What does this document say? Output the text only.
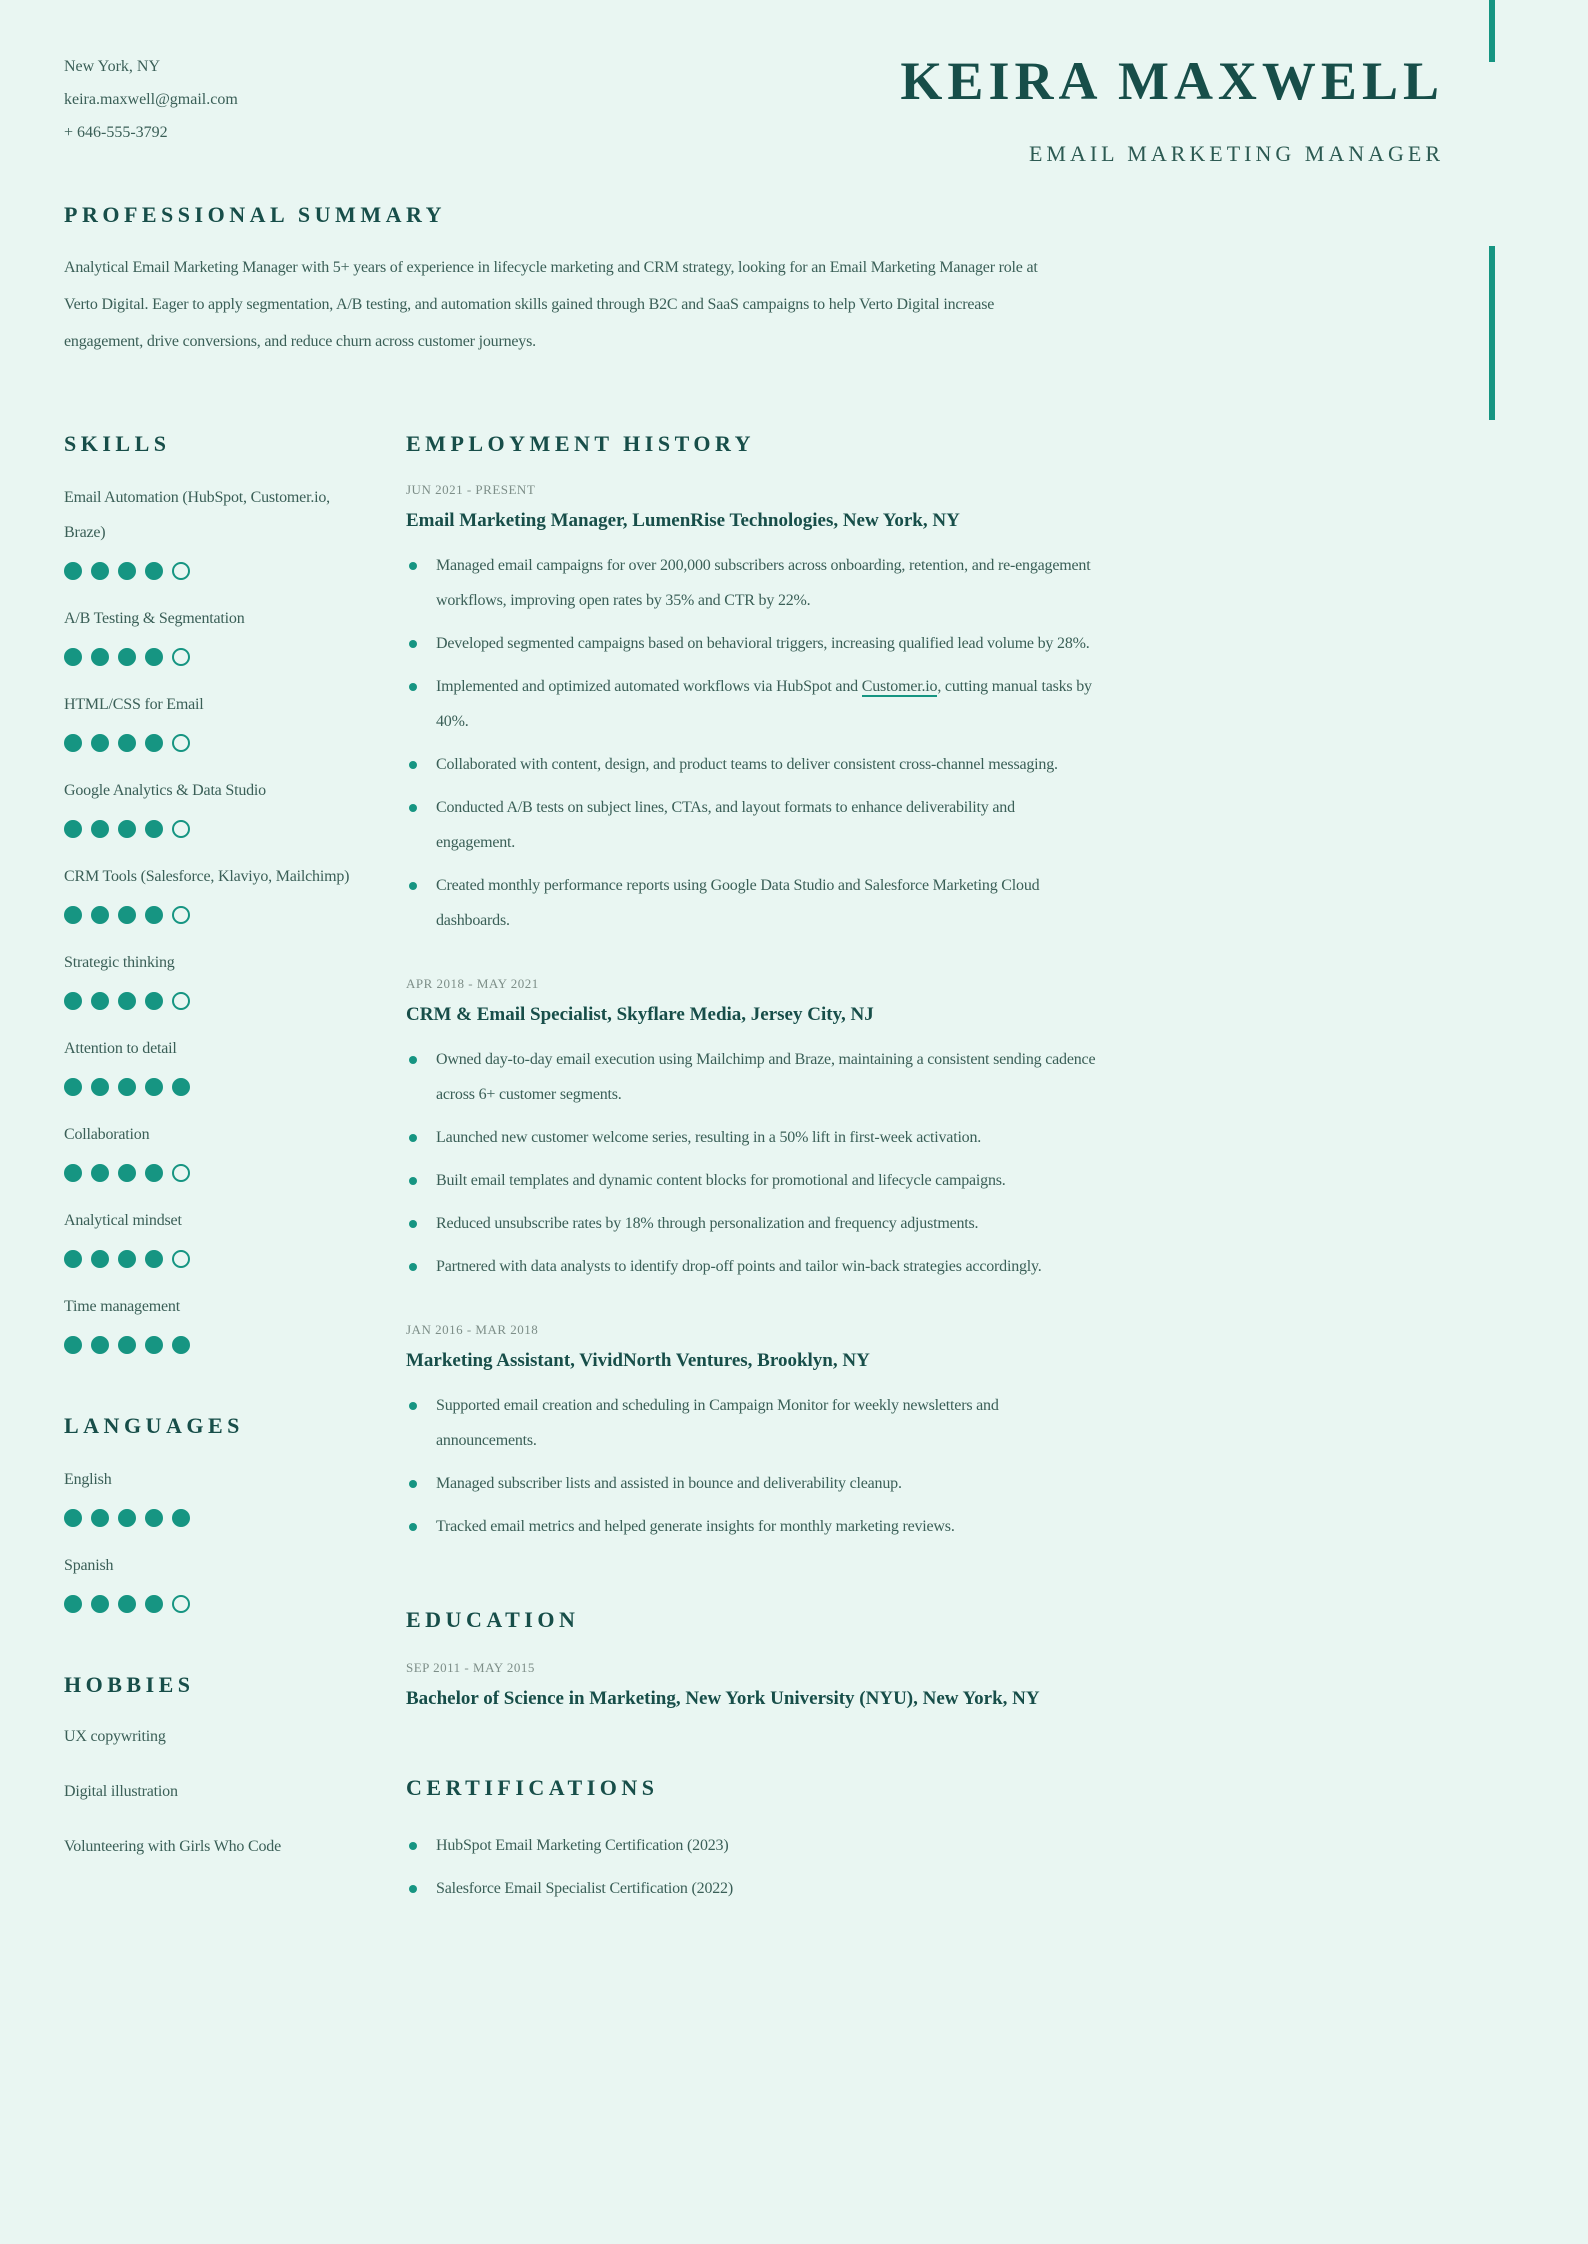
New York, NY
keira.maxwell@gmail.com
+ 646-555-3792
KEIRA MAXWELL
EMAIL MARKETING MANAGER
PROFESSIONAL SUMMARY

Analytical Email Marketing Manager with 5+ years of experience in lifecycle marketing and CRM strategy, looking for an Email Marketing Manager role at Verto Digital. Eager to apply segmentation, A/B testing, and automation skills gained through B2C and SaaS campaigns to help Verto Digital increase engagement, drive conversions, and reduce churn across customer journeys.

SKILLS
Email Automation (HubSpot, Customer.io, Braze)
A/B Testing & Segmentation
HTML/CSS for Email
Google Analytics & Data Studio
CRM Tools (Salesforce, Klaviyo, Mailchimp)
Strategic thinking
Attention to detail
Collaboration
Analytical mindset
Time management
LANGUAGES
English
Spanish
HOBBIES
UX copywriting
Digital illustration
Volunteering with Girls Who Code
EMPLOYMENT HISTORY
JUN 2021 - PRESENT
Email Marketing Manager, LumenRise Technologies, New York, NY
Managed email campaigns for over 200,000 subscribers across onboarding, retention, and re-engagement workflows, improving open rates by 35% and CTR by 22%.
Developed segmented campaigns based on behavioral triggers, increasing qualified lead volume by 28%.
Implemented and optimized automated workflows via HubSpot and Customer.io, cutting manual tasks by 40%.
Collaborated with content, design, and product teams to deliver consistent cross-channel messaging.
Conducted A/B tests on subject lines, CTAs, and layout formats to enhance deliverability and engagement.
Created monthly performance reports using Google Data Studio and Salesforce Marketing Cloud dashboards.
APR 2018 - MAY 2021
CRM & Email Specialist, Skyflare Media, Jersey City, NJ
Owned day-to-day email execution using Mailchimp and Braze, maintaining a consistent sending cadence across 6+ customer segments.
Launched new customer welcome series, resulting in a 50% lift in first-week activation.
Built email templates and dynamic content blocks for promotional and lifecycle campaigns.
Reduced unsubscribe rates by 18% through personalization and frequency adjustments.
Partnered with data analysts to identify drop-off points and tailor win-back strategies accordingly.
JAN 2016 - MAR 2018
Marketing Assistant, VividNorth Ventures, Brooklyn, NY
Supported email creation and scheduling in Campaign Monitor for weekly newsletters and announcements.
Managed subscriber lists and assisted in bounce and deliverability cleanup.
Tracked email metrics and helped generate insights for monthly marketing reviews.
EDUCATION
SEP 2011 - MAY 2015
Bachelor of Science in Marketing, New York University (NYU), New York, NY
CERTIFICATIONS
HubSpot Email Marketing Certification (2023)
Salesforce Email Specialist Certification (2022)
